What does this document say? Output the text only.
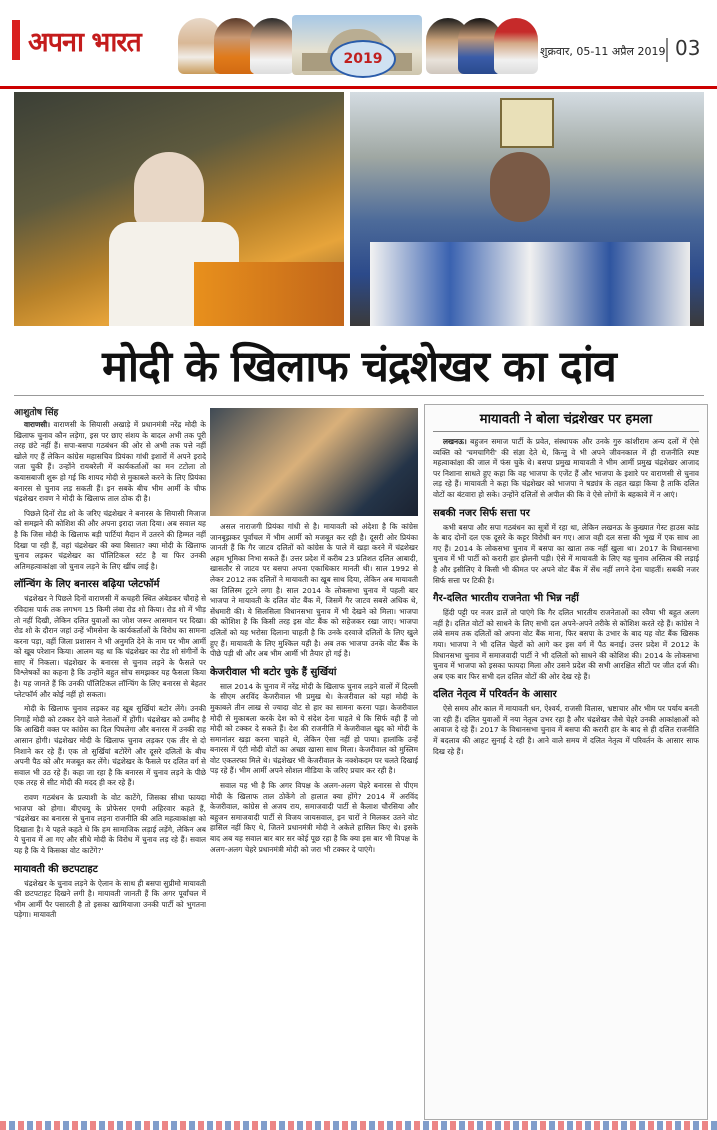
अपना भारत
2019	शुक्रवार, 05-11 अप्रैल 2019 03
मोदी के खिलाफ चंद्रशेखर का दांव
आशुतोष सिंह

वाराणसी। वाराणसी के सियासी अखाड़े में प्रधानमंत्री नरेंद्र मोदी के खिलाफ चुनाव कौन लड़ेगा, इस पर छाए संशय के बादल अभी तक पूरी तरह छंटे नहीं हैं। सपा-बसपा गठबंधन की ओर से अभी तक पत्ते नहीं खोले गए हैं लेकिन कांग्रेस महासचिव प्रियंका गांधी इशारों में अपने इरादे जता चुकी हैं। उन्होंने रायबरेली में कार्यकर्ताओं का मन टटोला तो कयासबाजी शुरू हो गई कि शायद मोदी से मुकाबले करने के लिए प्रियंका बनारस से चुनाव लड़ सकती हैं। इन सबके बीच भीम आर्मी के चीफ चंद्रशेखर रावण ने मोदी के खिलाफ ताल ठोक दी है।

पिछले दिनों रोड शो के जरिए चंद्रशेखर ने बनारस के सियासी मिजाज को समझने की कोशिश की और अपना इरादा जता दिया। अब सवाल यह है कि जिस मोदी के खिलाफ बड़ी पार्टियां मैदान में उतरने की हिम्मत नहीं दिखा पा रही हैं, वहां चंद्रशेखर की क्या बिसात? क्या मोदी के खिलाफ चुनाव लड़कर चंद्रशेखर का पॉलिटिकल स्टंट है या फिर उनकी अतिमहत्वाकांक्षा जो चुनाव लड़ने के लिए खींच लाई है।

लॉन्चिंग के लिए बनारस बढ़िया प्लेटफॉर्म

चंद्रशेखर ने पिछले दिनों वाराणसी में कचहरी स्थित अंबेडकर चौराहे से रविदास पार्क तक लगभग 15 किमी लंबा रोड शो किया। रोड शो में भीड़ तो नहीं दिखी, लेकिन दलित युवाओं का जोश जरूर आसमान पर दिखा। रोड शो के दौरान जहां उन्हें भीमसेना के कार्यकर्ताओं के विरोध का सामना करना पड़ा, वहीं जिला प्रशासन ने भी अनुमति देने के नाम पर भीम आर्मी को खूब परेशान किया। आलम यह था कि चंद्रशेखर का रोड शो संगीनों के साए में निकला। चंद्रशेखर के बनारस से चुनाव लड़ने के फैसले पर विश्लेषकों का कहना है कि उन्होंने बहुत सोच समझकर यह फैसला किया है। यह जानते हैं कि उनकी पॉलिटिकल लॉन्चिंग के लिए बनारस से बेहतर प्लेटफॉर्म और कोई नहीं हो सकता।

मोदी के खिलाफ चुनाव लड़कर वह खूब सुर्खियां बटोर लेंगे। उनकी निगाहें मोदी को टक्कर देने वाले नेताओं में होंगी। चंद्रशेखर को उम्मीद है कि आखिरी वक्त पर कांग्रेस का दिल पिघलेगा और बनारस में उनकी राह आसान होगी। चंद्रशेखर मोदी के खिलाफ चुनाव लड़कर एक तीर से दो निशाने कर रहे हैं। एक तो सुर्खियां बटोरेंगे और दूसरे दलितों के बीच अपनी पैठ को और मजबूत कर लेंगे। चंद्रशेखर के फैसले पर दलित वर्ग से सवाल भी उठ रहे हैं। कहा जा रहा है कि बनारस में चुनाव लड़ने के पीछे एक तरह से सीट मोदी की मदद ही कर रहे हैं।

रावण गठबंधन के प्रत्याशी के वोट काटेंगे, जिसका सीधा फायदा भाजपा को होगा। बीएचयू के प्रोफेसर एमपी अहिरवार कहते हैं, 'चंद्रशेखर का बनारस से चुनाव लड़ना राजनीति की अति महत्वाकांक्षा को दिखाता है। ये पहले कहते थे कि हम सामाजिक लड़ाई लड़ेंगे, लेकिन अब ये चुनाव में आ गए और सीधे मोदी के विरोध में चुनाव लड़ रहे हैं। सवाल यह है कि ये किसका वोट काटेंगे?'

मायावती की छटपटाहट

चंद्रशेखर के चुनाव लड़ने के ऐलान के साथ ही बसपा सुप्रीमो मायावती की छटपटाहट दिखने लगी है। मायावती जानती हैं कि अगर पूर्वांचल में भीम आर्मी पैर पसारती है तो इसका खामियाजा उनकी पार्टी को भुगतना पड़ेगा। मायावती

असल नाराजगी प्रियंका गांधी से है। मायावती को अंदेशा है कि कांग्रेस जानबूझकर पूर्वांचल में भीम आर्मी को मजबूत कर रही है। दूसरी ओर प्रियंका जानती हैं कि गैर जाटव दलितों को कांग्रेस के पाले में खड़ा करने में चंद्रशेखर अहम भूमिका निभा सकते हैं। उत्तर प्रदेश में करीब 23 प्रतिशत दलित आबादी, खासतौर से जाटव पर बसपा अपना एकाधिकार मानती थी। साल 1992 से लेकर 2012 तक दलितों ने मायावती का खूब साथ दिया, लेकिन अब मायावती का तिलिस्म टूटने लगा है। साल 2014 के लोकसभा चुनाव में पहली बार भाजपा ने मायावती के दलित वोट बैंक में, जिसमें गैर जाटव सबसे अधिक थे, सेंधमारी की। ये सिलसिला विधानसभा चुनाव में भी देखने को मिला। भाजपा की कोशिश है कि किसी तरह इस वोट बैंक को सहेजकर रखा जाए। भाजपा दलितों को यह भरोसा दिलाना चाहती है कि उनके दरवाजे दलितों के लिए खुले हुए हैं। मायावती के लिए मुश्किल यही है। अब तक भाजपा उनके वोट बैंक के पीछे पड़ी थी और अब भीम आर्मी भी तैयार हो गई है।

केजरीवाल भी बटोर चुके हैं सुर्खियां

साल 2014 के चुनाव में नरेंद्र मोदी के खिलाफ चुनाव लड़ने वालों में दिल्ली के सीएम अरविंद केजरीवाल भी प्रमुख थे। केजरीवाल को यहां मोदी के मुकाबले तीन लाख से ज्यादा वोट से हार का सामना करना पड़ा। केजरीवाल मोदी से मुकाबला करके देश को ये संदेश देना चाहते थे कि सिर्फ वही हैं जो मोदी को टक्कर दे सकते हैं। देश की राजनीति में केजरीवाल खुद को मोदी के समानांतर खड़ा करना चाहते थे, लेकिन ऐसा नहीं हो पाया। हालांकि उन्हें बनारस में एंटी मोदी वोटों का अच्छा खासा साथ मिला। केजरीवाल को मुस्लिम वोट एकतरफा मिले थे। चंद्रशेखर भी केजरीवाल के नक्शेकदम पर चलते दिखाई पड़ रहे हैं। भीम आर्मी अपने सोशल मीडिया के जरिए प्रचार कर रही है।

सवाल यह भी है कि अगर विपक्ष के अलग-अलग चेहरे बनारस से पीएम मोदी के खिलाफ ताल ठोकेंगे तो हालात क्या होंगे? 2014 में अरविंद केजरीवाल, कांग्रेस से अजय राय, समाजवादी पार्टी से कैलाश चौरसिया और बहुजन समाजवादी पार्टी से विजय जायसवाल, इन चारों ने मिलकर उतने वोट हासिल नहीं किए थे, जितने प्रधानमंत्री मोदी ने अकेले हासिल किए थे। इसके बाद अब यह सवाल बार बार सर कोई पूछ रहा है कि क्या इस बार भी विपक्ष के अलग-अलग चेहरे प्रधानमंत्री मोदी को जरा भी टक्कर दे पाएंगे।

मायावती ने बोला चंद्रशेखर पर हमला

लखनऊ। बहुजन समाज पार्टी के प्रवेत, संस्थापक और उनके गुरु कांशीराम अन्य दलों में ऐसे व्यक्ति को 'चमचागिरी' की संज्ञा देते थे, किन्तु वे भी अपने जीवनकाल में ही राजनीति स्पष्ट महत्वाकांक्षा की जाल में फंस चुके थे। बसपा प्रमुख मायावती ने भीम आर्मी प्रमुख चंद्रशेखर आजाद पर निशाना साधते हुए कहा कि वह भाजपा के एजेंट हैं और भाजपा के इशारे पर वाराणसी से चुनाव लड़ रहे हैं। मायावती ने कहा कि चंद्रशेखर को भाजपा ने षड्यंत्र के तहत खड़ा किया है ताकि दलित वोटों का बंटवारा हो सके। उन्होंने दलितों से अपील की कि वे ऐसे लोगों के बहकावे में न आएं।

सबकी नजर सिर्फ सत्ता पर

कभी बसपा और सपा गठबंधन का सूत्रों में रहा था, लेकिन लखनऊ के कुख्यात गेस्ट हाउस कांड के बाद दोनों दल एक दूसरे के कट्टर विरोधी बन गए। आज वही दल सत्ता की भूख में एक साथ आ गए हैं। 2014 के लोकसभा चुनाव में बसपा का खाता तक नहीं खुला था। 2017 के विधानसभा चुनाव में भी पार्टी को करारी हार झेलनी पड़ी। ऐसे में मायावती के लिए यह चुनाव अस्तित्व की लड़ाई है और इसीलिए वे किसी भी कीमत पर अपने वोट बैंक में सेंध नहीं लगने देना चाहतीं। सबकी नजर सिर्फ सत्ता पर टिकी है।

गैर-दलित भारतीय राजनेता भी भिन्न नहीं

हिंदी पट्टी पर नजर डालें तो पाएंगे कि गैर दलित भारतीय राजनेताओं का रवैया भी बहुत अलग नहीं है। दलित वोटों को साधने के लिए सभी दल अपने-अपने तरीके से कोशिश करते रहे हैं। कांग्रेस ने लंबे समय तक दलितों को अपना वोट बैंक माना, फिर बसपा के उभार के बाद यह वोट बैंक खिसक गया। भाजपा ने भी दलित चेहरों को आगे कर इस वर्ग में पैठ बनाई। उत्तर प्रदेश में 2012 के विधानसभा चुनाव में समाजवादी पार्टी ने भी दलितों को साधने की कोशिश की। 2014 के लोकसभा चुनाव में भाजपा को इसका फायदा मिला और उसने प्रदेश की सभी आरक्षित सीटों पर जीत दर्ज की। अब एक बार फिर सभी दल दलित वोटों की ओर देख रहे हैं।

दलित नेतृत्व में परिवर्तन के आसार

ऐसे समय और काल में मायावती धन, ऐश्वर्य, राजसी विलास, भ्रष्टाचार और भीम पर पर्याय बनती जा रही हैं। दलित युवाओं में नया नेतृत्व उभर रहा है और चंद्रशेखर जैसे चेहरे उनकी आकांक्षाओं को आवाज दे रहे हैं। 2017 के विधानसभा चुनाव में बसपा की करारी हार के बाद से ही दलित राजनीति में बदलाव की आहट सुनाई दे रही है। आने वाले समय में दलित नेतृत्व में परिवर्तन के आसार साफ दिख रहे हैं।
